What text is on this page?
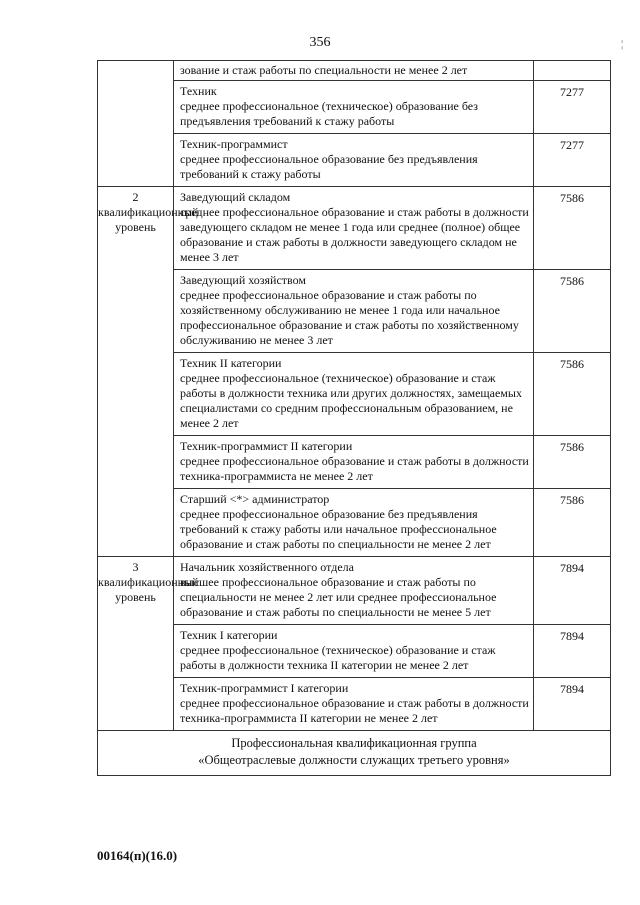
356	¦

	зование и стаж работы по специальности не менее 2 лет	

	Техник
среднее профессиональное (техническое) образование без предъявления требований к стажу работы	7277

	Техник-программист
среднее профессиональное образование без предъявления требований к стажу работы	7277

2 квалификационный уровень	Заведующий складом
среднее профессиональное образование и стаж работы в должности заведующего складом не менее 1 года или среднее (полное) общее образование и стаж работы в должности заведующего складом не менее 3 лет	7586

	Заведующий хозяйством
среднее профессиональное образование и стаж работы по хозяйственному обслуживанию не менее 1 года или начальное профессиональное образование и стаж работы по хозяйственному обслуживанию не менее 3 лет	7586

	Техник II категории
среднее профессиональное (техническое) образование и стаж работы в должности техника или других должностях, замещаемых специалистами со средним профессиональным образованием, не менее 2 лет	7586

	Техник-программист II категории
среднее профессиональное образование и стаж работы в должности техника-программиста не менее 2 лет	7586

	Старший <*> администратор
среднее профессиональное образование без предъявления требований к стажу работы или начальное профессиональное образование и стаж работы по специальности не менее 2 лет	7586

3 квалификационный уровень	Начальник хозяйственного отдела
высшее профессиональное образование и стаж работы по специальности не менее 2 лет или среднее профессиональное образование и стаж работы по специальности не менее 5 лет	7894

	Техник I категории
среднее профессиональное (техническое) образование и стаж работы в должности техника II категории не менее 2 лет	7894

	Техник-программист I категории
среднее профессиональное образование и стаж работы в должности техника-программиста II категории не менее 2 лет	7894

Профессиональная квалификационная группа
«Общеотраслевые должности служащих третьего уровня»		
00164(п)(16.0)
